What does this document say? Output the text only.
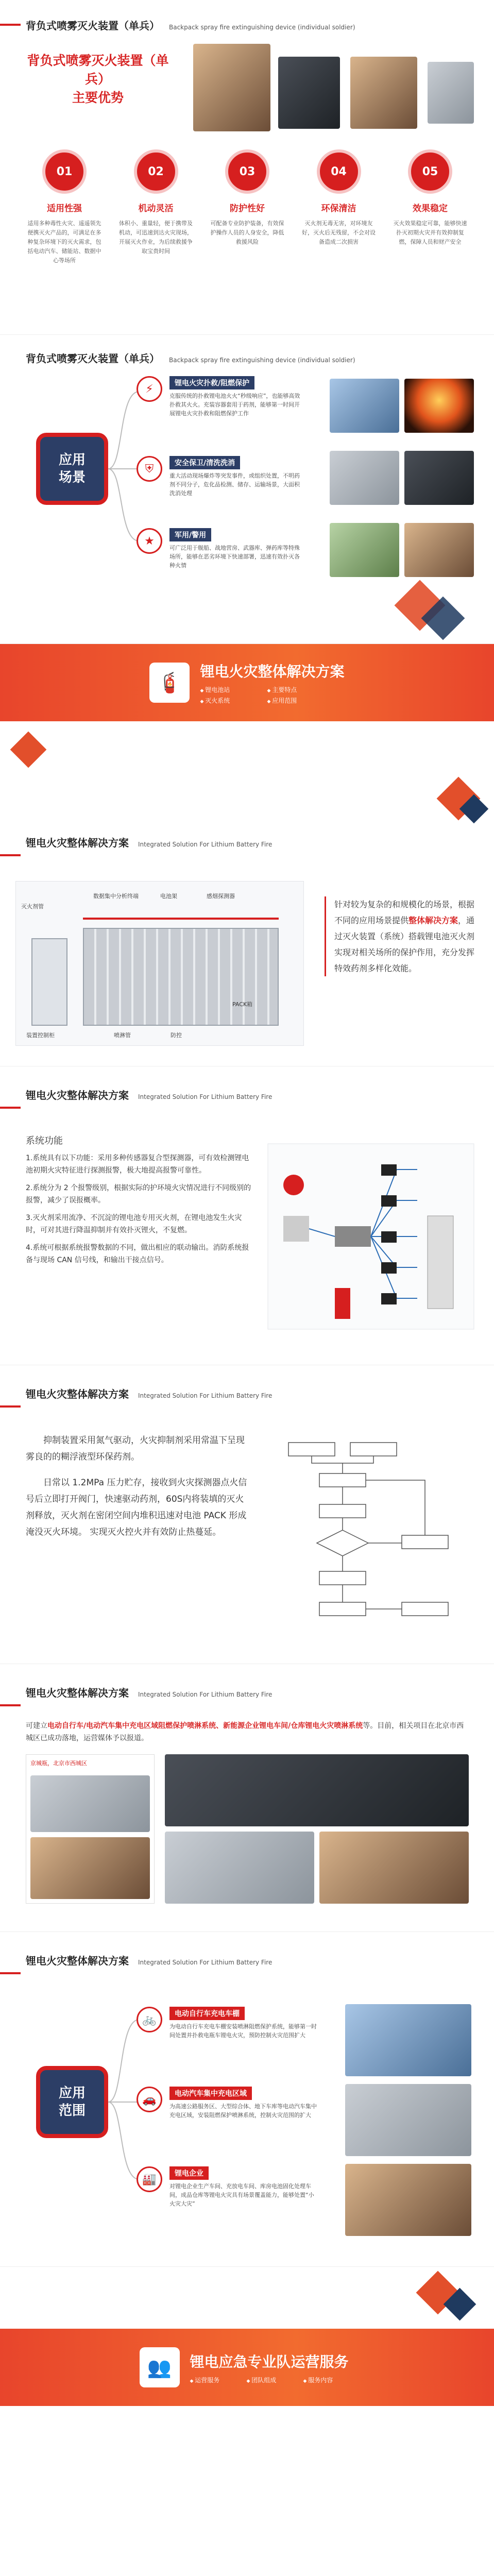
背负式喷雾灭火装置（单兵） Backpack spray fire extinguishing device (individual soldier)
背负式喷雾灭火装置（单兵）
主要优势
01
适用性强
适用多种毒性火灾、遥遥领先便携灭火产品的，可满足在多种复杂环境下的灭火需求，包括电动汽车、储能站、数据中心等场所
02
机动灵活
体积小、重量轻，便于携带及机动，可迅速到达火灾现场，开展灭火作业，为后续救援争取宝贵时间
03
防护性好
可配备专业防护装备，有效保护操作人员的人身安全，降低救援风险
04
环保清洁
灭火剂无毒无害，对环境友好，灭火后无残留，不会对设备造成二次损害
05
效果稳定
灭火效果稳定可靠，能够快速扑灭初期火灾并有效抑制复燃，保障人员和财产安全
背负式喷雾灭火装置（单兵） Backpack spray fire extinguishing device (individual soldier)
应用场景
⚡	锂电火灾扑救/阻燃保护
克服传统的扑救锂电池火火“秒级响应”，也能够高效扑救其火火。充装容器套用于药剂，能够第一时间开展锂电火灾扑救和阻燃保护工作
⛨	安全保卫/清洗洗消
重大活动现场爆炸等突发事件，或组织处置，不明药剂不同分子，危化品检测、储存、运输场景，大面积洗消处理
★	军用/警用
可广泛用于舰船、战地营房、武器库、弹药库等特殊场所，能够在恶劣环境下快速部署，迅速有效扑灭各种火情
🧯	锂电火灾整体解决方案
◆ 锂电池站	◆ 主要特点
◆ 灭火系统	◆ 应用范围
锂电火灾整体解决方案 Integrated Solution For Lithium Battery Fire
数据集中分析终端	电池架	感烟探测器
灭火剂管
PACK箱
装置控制柜	喷淋管	防控

针对较为复杂的和规模化的场景，根据不同的应用场景提供整体解决方案，通过灭火装置（系统）搭载锂电池灭火剂实现对相关场所的保护作用，充分发挥特效药剂多样化效能。

锂电火灾整体解决方案 Integrated Solution For Lithium Battery Fire
系统功能

1.系统具有以下功能：采用多种传感器复合型探测器，可有效检测锂电池初期火灾特征进行探测报警，极大地提高报警可靠性。

2.系统分为 2 个报警级别，根据实际的护环境火灾情况进行不同级别的报警，减少了误报概率。

3.灭火剂采用流净、不沉淀的锂电池专用灭火剂，在锂电池发生火灾时，可对其进行降温抑制并有效扑灭锂火，不复燃。

4.系统可根据系统报警数据的不同，做出相应的联动输出。消防系统报备与现场 CAN 信号线，和输出干接点信号。

锂电火灾整体解决方案 Integrated Solution For Lithium Battery Fire

抑制装置采用氮气驱动，火灾抑制剂采用常温下呈现雾良的的糊浮液型环保药剂。

日常以 1.2MPa 压力贮存，接收到火灾探测器点火信号后立即打开阀门，快速驱动药剂，60S内将装填的灭火剂释放，灭火剂在密闭空间内堆积迅速对电池 PACK 形成淹没灭火环境。 实现灭火控火并有效防止热蔓延。

锂电火灾整体解决方案 Integrated Solution For Lithium Battery Fire

可建立电动自行车/电动汽车集中充电区域阻燃保护喷淋系统、新能源企业锂电车间/仓库锂电火灾喷淋系统等。目前，相关项目在北京市西城区已成功落地，运营媒体予以报道。

京城瓶，北京市西城区
锂电火灾整体解决方案 Integrated Solution For Lithium Battery Fire
应用范围
🚲	电动自行车充电车棚
为电动自行车充电车棚安装喷淋阻燃保护系统，能够第一时间处置并扑救电瓶车锂电火灾，预防控制火灾范围扩大
🚗	电动汽车集中充电区域
为高速公路服务区、大型综合体、地下车库等电动汽车集中充电区域，安装阻燃保护喷淋系统，控制火灾范围的扩大
🏭	锂电企业
对锂电企业生产车间、充放电车间、库房电池固化处理车间，成品仓库等锂电火灾具有场景覆盖能力，能够处置“小火灾大灾”
👥	锂电应急专业队运营服务
◆ 运营服务	◆ 团队组成	◆ 服务内容
